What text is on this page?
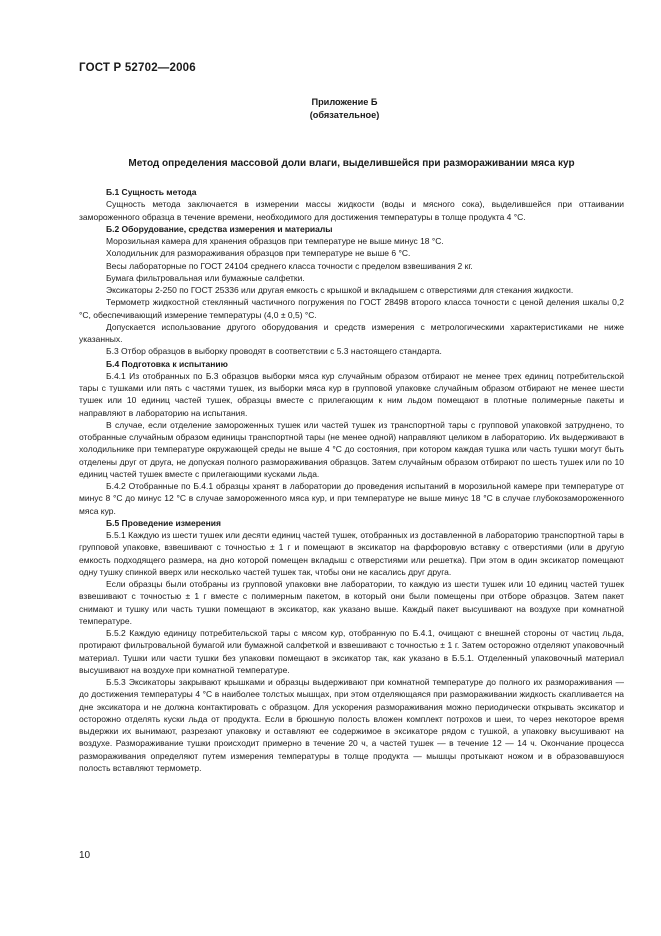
ГОСТ Р 52702—2006
Приложение Б
(обязательное)
Метод определения массовой доли влаги, выделившейся при размораживании мяса кур

Б.1 Сущность метода

Сущность метода заключается в измерении массы жидкости (воды и мясного сока), выделившейся при оттаивании замороженного образца в течение времени, необходимого для достижения температуры в толще продукта 4 °С.

Б.2 Оборудование, средства измерения и материалы

Морозильная камера для хранения образцов при температуре не выше минус 18 °С.

Холодильник для размораживания образцов при температуре не выше 6 °С.

Весы лабораторные по ГОСТ 24104 среднего класса точности с пределом взвешивания 2 кг.

Бумага фильтровальная или бумажные салфетки.

Эксикаторы 2-250 по ГОСТ 25336 или другая емкость с крышкой и вкладышем с отверстиями для стекания жидкости.

Термометр жидкостной стеклянный частичного погружения по ГОСТ 28498 второго класса точности с ценой деления шкалы 0,2 °С, обеспечивающий измерение температуры (4,0 ± 0,5) °С.

Допускается использование другого оборудования и средств измерения с метрологическими характеристиками не ниже указанных.

Б.3 Отбор образцов в выборку проводят в соответствии с 5.3 настоящего стандарта.

Б.4 Подготовка к испытанию

Б.4.1 Из отобранных по Б.3 образцов выборки мяса кур случайным образом отбирают не менее трех единиц потребительской тары с тушками или пять с частями тушек, из выборки мяса кур в групповой упаковке случайным образом отбирают не менее шести тушек или 10 единиц частей тушек, образцы вместе с прилегающим к ним льдом помещают в плотные полимерные пакеты и направляют в лабораторию на испытания.

В случае, если отделение замороженных тушек или частей тушек из транспортной тары с групповой упаковкой затруднено, то отобранные случайным образом единицы транспортной тары (не менее одной) направляют целиком в лабораторию. Их выдерживают в холодильнике при температуре окружающей среды не выше 4 °С до состояния, при котором каждая тушка или часть тушки могут быть отделены друг от друга, не допуская полного размораживания образцов. Затем случайным образом отбирают по шесть тушек или по 10 единиц частей тушек вместе с прилегающими кусками льда.

Б.4.2 Отобранные по Б.4.1 образцы хранят в лаборатории до проведения испытаний в морозильной камере при температуре от минус 8 °С до минус 12 °С в случае замороженного мяса кур, и при температуре не выше минус 18 °С в случае глубокозамороженного мяса кур.

Б.5 Проведение измерения

Б.5.1 Каждую из шести тушек или десяти единиц частей тушек, отобранных из доставленной в лабораторию транспортной тары в групповой упаковке, взвешивают с точностью ± 1 г и помещают в эксикатор на фарфоровую вставку с отверстиями (или в другую емкость подходящего размера, на дно которой помещен вкладыш с отверстиями или решетка). При этом в один эксикатор помещают одну тушку спинкой вверх или несколько частей тушек так, чтобы они не касались друг друга.

Если образцы были отобраны из групповой упаковки вне лаборатории, то каждую из шести тушек или 10 единиц частей тушек взвешивают с точностью ± 1 г вместе с полимерным пакетом, в который они были помещены при отборе образцов. Затем пакет снимают и тушку или часть тушки помещают в эксикатор, как указано выше. Каждый пакет высушивают на воздухе при комнатной температуре.

Б.5.2 Каждую единицу потребительской тары с мясом кур, отобранную по Б.4.1, очищают с внешней стороны от частиц льда, протирают фильтровальной бумагой или бумажной салфеткой и взвешивают с точностью ± 1 г. Затем осторожно отделяют упаковочный материал. Тушки или части тушки без упаковки помещают в эксикатор так, как указано в Б.5.1. Отделенный упаковочный материал высушивают на воздухе при комнатной температуре.

Б.5.3 Эксикаторы закрывают крышками и образцы выдерживают при комнатной температуре до полного их размораживания — до достижения температуры 4 °С в наиболее толстых мышцах, при этом отделяющаяся при размораживании жидкость скапливается на дне эксикатора и не должна контактировать с образцом. Для ускорения размораживания можно периодически открывать эксикатор и осторожно отделять куски льда от продукта. Если в брюшную полость вложен комплект потрохов и шеи, то через некоторое время выдержки их вынимают, разрезают упаковку и оставляют ее содержимое в эксикаторе рядом с тушкой, а упаковку высушивают на воздухе. Размораживание тушки происходит примерно в течение 20 ч, а частей тушек — в течение 12 — 14 ч. Окончание процесса размораживания определяют путем измерения температуры в толще продукта — мышцы протыкают ножом и в образовавшуюся полость вставляют термометр.

10
